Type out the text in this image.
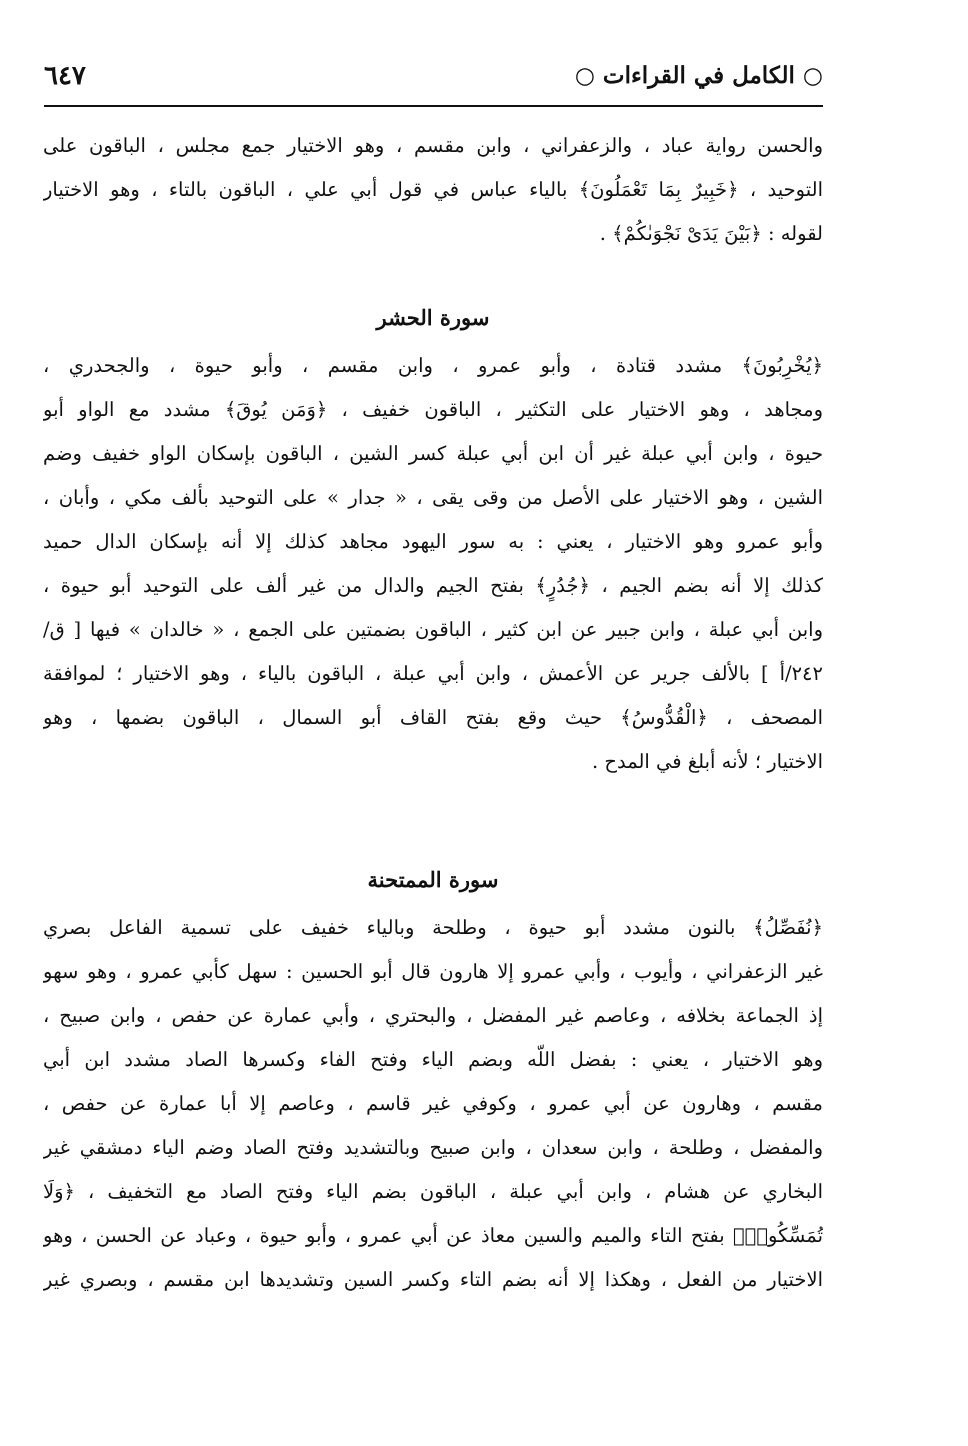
○ الكامل في القراءات ○
٦٤٧
والحسن رواية عباد ، والزعفراني ، وابن مقسم ، وهو الاختيار جمع مجلس ، الباقون على
التوحيد ، ﴿خَبِيرٌ بِمَا تَعْمَلُونَ﴾ بالياء عباس في قول أبي علي ، الباقون بالتاء ، وهو الاختيار
لقوله : ﴿بَيْنَ يَدَىْ نَجْوَىٰكُمْ﴾ .
سورة الحشر
﴿يُخْرِبُونَ﴾ مشدد قتادة ، وأبو عمرو ، وابن مقسم ، وأبو حيوة ، والجحدري ،
ومجاهد ، وهو الاختيار على التكثير ، الباقون خفيف ، ﴿وَمَن يُوقَ﴾ مشدد مع الواو أبو
حيوة ، وابن أبي عبلة غير أن ابن أبي عبلة كسر الشين ، الباقون بإسكان الواو خفيف وضم
الشين ، وهو الاختيار على الأصل من وقى يقى ، « جدار » على التوحيد بألف مكي ، وأبان ،
وأبو عمرو وهو الاختيار ، يعني : به سور اليهود مجاهد كذلك إلا أنه بإسكان الدال حميد
كذلك إلا أنه بضم الجيم ، ﴿جُدُرٍ﴾ بفتح الجيم والدال من غير ألف على التوحيد أبو حيوة ،
وابن أبي عبلة ، وابن جبير عن ابن كثير ، الباقون بضمتين على الجمع ، « خالدان » فيها [ ق/
٢٤٢/أ ] بالألف جرير عن الأعمش ، وابن أبي عبلة ، الباقون بالياء ، وهو الاختيار ؛ لموافقة
المصحف ، ﴿الْقُدُّوسُ﴾ حيث وقع بفتح القاف أبو السمال ، الباقون بضمها ، وهو
الاختيار ؛ لأنه أبلغ في المدح .
سورة الممتحنة
﴿نُفَصِّلُ﴾ بالنون مشدد أبو حيوة ، وطلحة وبالياء خفيف على تسمية الفاعل بصري
غير الزعفراني ، وأيوب ، وأبي عمرو إلا هارون قال أبو الحسين : سهل كأبي عمرو ، وهو سهو
إذ الجماعة بخلافه ، وعاصم غير المفضل ، والبحتري ، وأبي عمارة عن حفص ، وابن صبيح ،
وهو الاختيار ، يعني : بفضل اللّه وبضم الياء وفتح الفاء وكسرها الصاد مشدد ابن أبي
مقسم ، وهارون عن أبي عمرو ، وكوفي غير قاسم ، وعاصم إلا أبا عمارة عن حفص ،
والمفضل ، وطلحة ، وابن سعدان ، وابن صبيح وبالتشديد وفتح الصاد وضم الياء دمشقي غير
البخاري عن هشام ، وابن أبي عبلة ، الباقون بضم الياء وفتح الصاد مع التخفيف ، ﴿وَلَا
تُمَسِّكُوا۟﴾ بفتح التاء والميم والسين معاذ عن أبي عمرو ، وأبو حيوة ، وعباد عن الحسن ، وهو
الاختيار من الفعل ، وهكذا إلا أنه بضم التاء وكسر السين وتشديدها ابن مقسم ، وبصري غير
